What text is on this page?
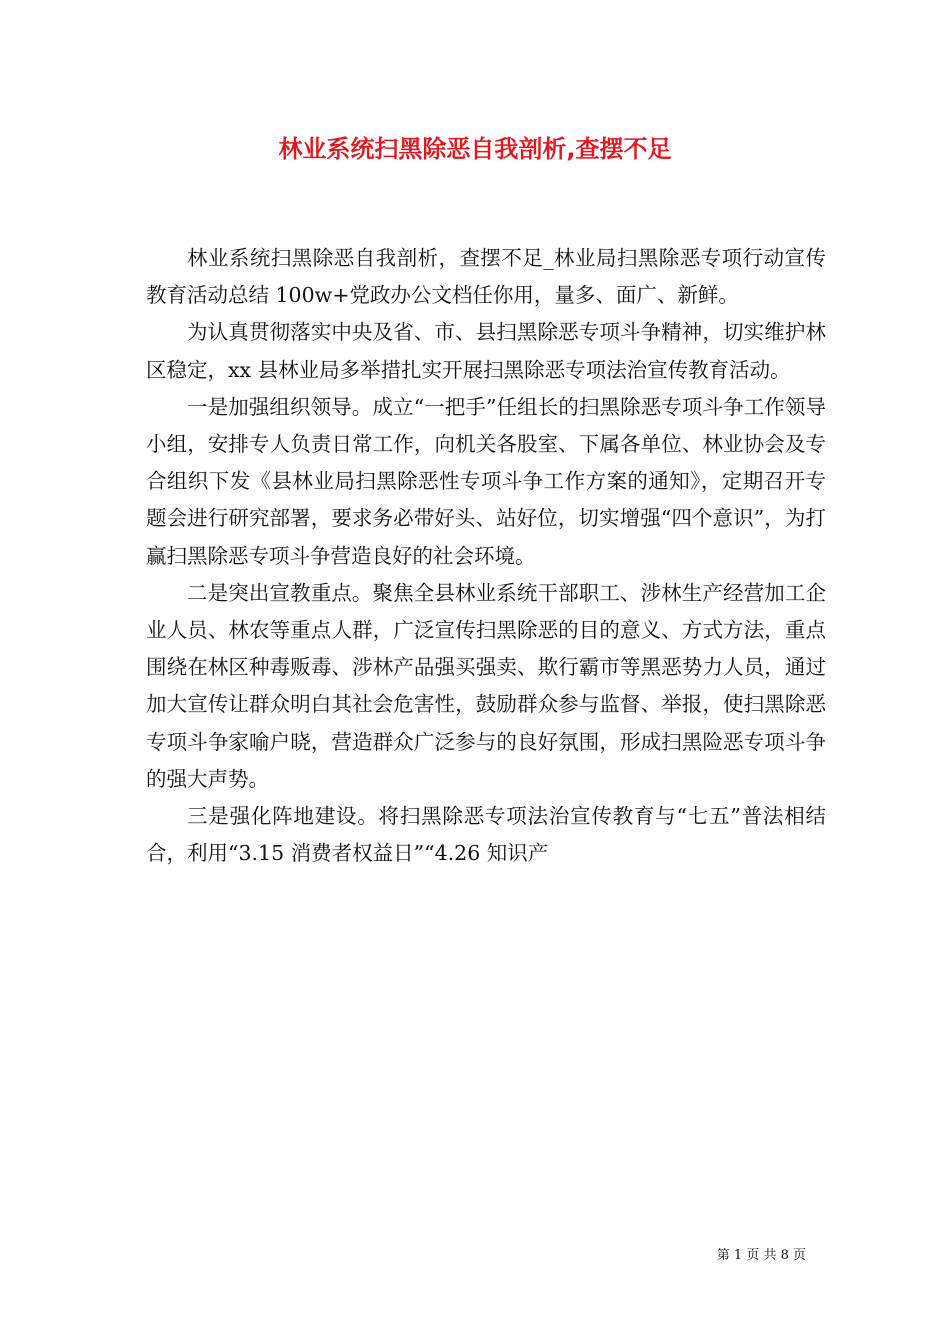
林业系统扫黑除恶自我剖析,查摆不足

林业系统扫黑除恶自我剖析，查摆不足_林业局扫黑除恶专项行动宣传教育活动总结 100w+党政办公文档任你用，量多、面广、新鲜。

为认真贯彻落实中央及省、市、县扫黑除恶专项斗争精神，切实维护林区稳定，xx 县林业局多举措扎实开展扫黑除恶专项法治宣传教育活动。

一是加强组织领导。成立“一把手”任组长的扫黑除恶专项斗争工作领导小组，安排专人负责日常工作，向机关各股室、下属各单位、林业协会及专合组织下发《县林业局扫黑除恶性专项斗争工作方案的通知》，定期召开专题会进行研究部署，要求务必带好头、站好位，切实增强“四个意识”，为打赢扫黑除恶专项斗争营造良好的社会环境。

二是突出宣教重点。聚焦全县林业系统干部职工、涉林生产经营加工企业人员、林农等重点人群，广泛宣传扫黑除恶的目的意义、方式方法，重点围绕在林区种毒贩毒、涉林产品强买强卖、欺行霸市等黑恶势力人员，通过加大宣传让群众明白其社会危害性，鼓励群众参与监督、举报，使扫黑除恶专项斗争家喻户晓，营造群众广泛参与的良好氛围，形成扫黑险恶专项斗争的强大声势。

三是强化阵地建设。将扫黑除恶专项法治宣传教育与“七五”普法相结合，利用“3.15 消费者权益日”“4.26 知识产

第 1 页 共 8 页
